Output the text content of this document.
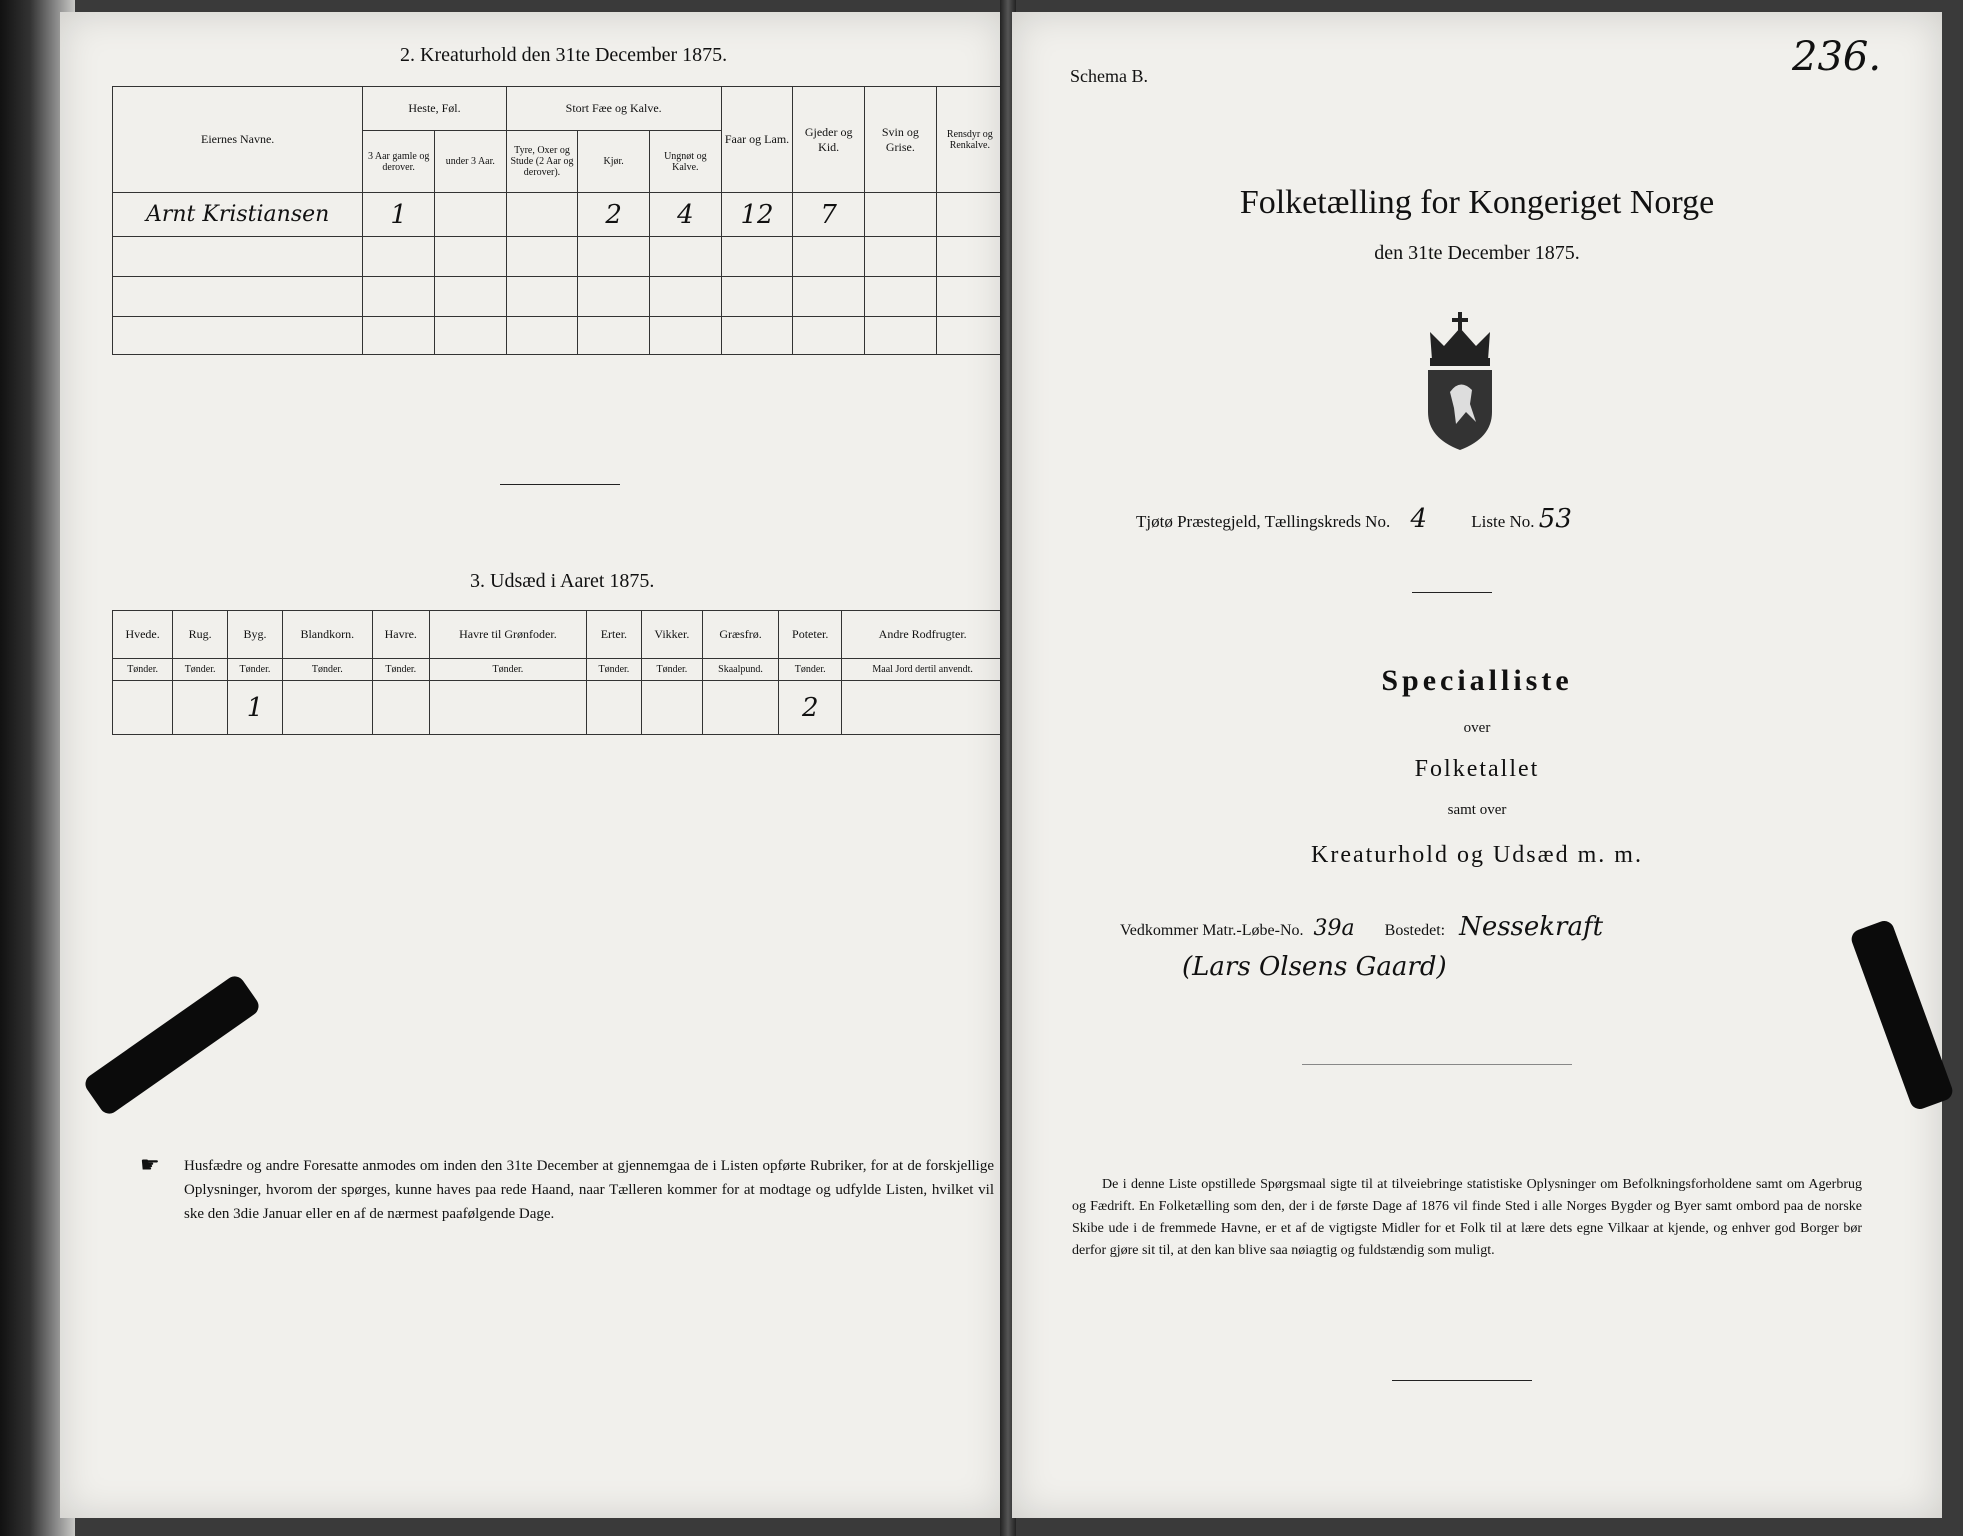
2. Kreaturhold den 31te December 1875.
Eiernes Navne.	Heste, Føl.		Stort Fæe og Kalve.			Faar og Lam.	Gjeder og Kid.	Svin og Grise.	Rensdyr og Renkalve.
	3 Aar gamle og derover.	under 3 Aar.	Tyre, Oxer og Stude (2 Aar og derover).	Kjør.	Ungnøt og Kalve.				
Arnt Kristiansen	1			2	4	12	7		

3. Udsæd i Aaret 1875.
Hvede.	Rug.	Byg.	Blandkorn.	Havre.	Havre til Grønfoder.	Erter.	Vikker.	Græsfrø.	Poteter.	Andre Rodfrugter.
Tønder.	Tønder.	Tønder.	Tønder.	Tønder.	Tønder.	Tønder.	Tønder.	Skaalpund.	Tønder.	Maal Jord dertil anvendt.
		1							2	
☛	Husfædre og andre Foresatte anmodes om inden den 31te December at gjennemgaa de i Listen opførte Rubriker, for at de forskjellige Oplysninger, hvorom der spørges, kunne haves paa rede Haand, naar Tælleren kommer for at modtage og udfylde Listen, hvilket vil ske den 3die Januar eller en af de nærmest paafølgende Dage.
Schema B.	236.
Folketælling for Kongeriget Norge
den 31te December 1875.
Tjøtø Præstegjeld, Tællingskreds No. 4	Liste No. 53
Specialliste
over
Folketallet
samt over
Kreaturhold og Udsæd m. m.
Vedkommer Matr.-Løbe-No. 39a Bostedet: Nessekraft
(Lars Olsens Gaard)
De i denne Liste opstillede Spørgsmaal sigte til at tilveiebringe statistiske Oplysninger om Befolkningsforholdene samt om Agerbrug og Fædrift. En Folketælling som den, der i de første Dage af 1876 vil finde Sted i alle Norges Bygder og Byer samt ombord paa de norske Skibe ude i de fremmede Havne, er et af de vigtigste Midler for et Folk til at lære dets egne Vilkaar at kjende, og enhver god Borger bør derfor gjøre sit til, at den kan blive saa nøiagtig og fuldstændig som muligt.
